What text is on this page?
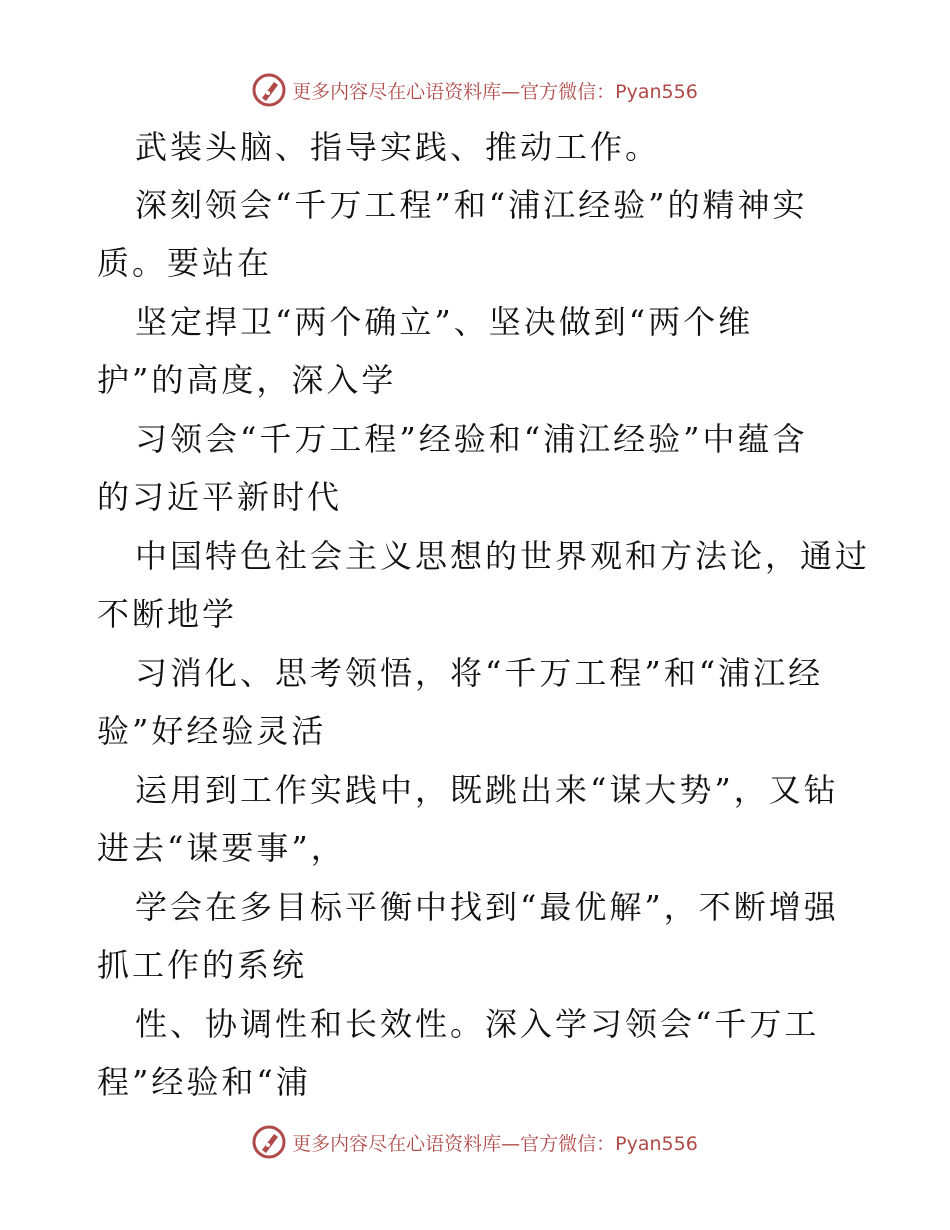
更多内容尽在心语资料库—官方微信：Pyan556
武装头脑、指导实践、推动工作。
深刻领会“千万工程”和“浦江经验”的精神实
质。要站在
坚定捍卫“两个确立”、坚决做到“两个维
护”的高度，深入学
习领会“千万工程”经验和“浦江经验”中蕴含
的习近平新时代
中国特色社会主义思想的世界观和方法论，通过
不断地学
习消化、思考领悟，将“千万工程”和“浦江经
验”好经验灵活
运用到工作实践中，既跳出来“谋大势”，又钻
进去“谋要事”，
学会在多目标平衡中找到“最优解”，不断增强
抓工作的系统
性、协调性和长效性。深入学习领会“千万工
程”经验和“浦
更多内容尽在心语资料库—官方微信：Pyan556
